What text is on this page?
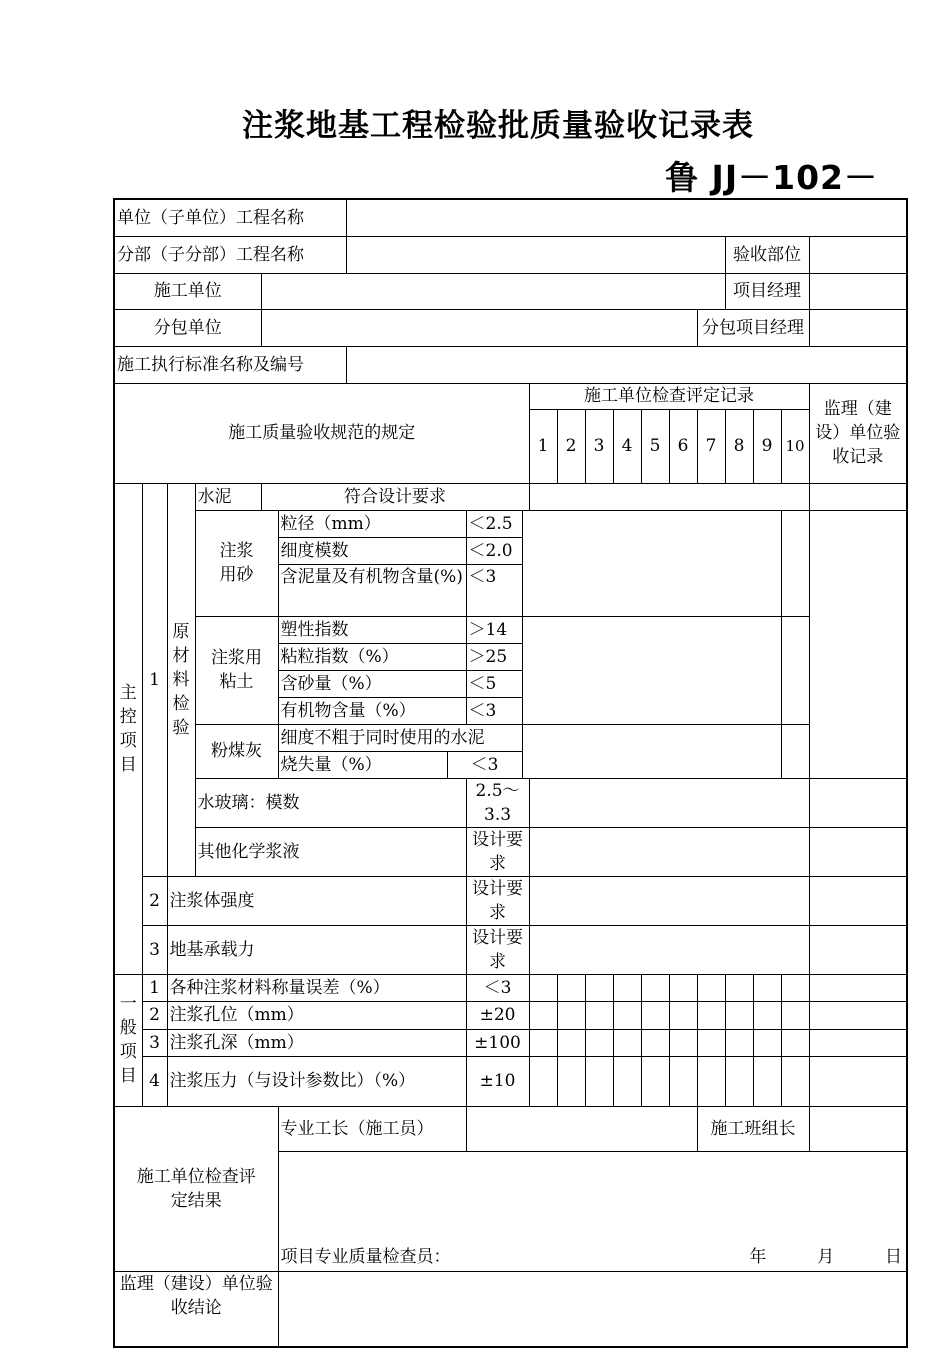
注浆地基工程检验批质量验收记录表
鲁 JJ－102－
单位（子单位）工程名称																				
分部（子分部）工程名称																	验收部位			
施工单位																	项目经理			
分包单位																分包项目经理				
施工执行标准名称及编号																				
施工质量验收规范的规定										施工单位检查评定记录										监理（建设）单位验收记录
										1	2	3	4	5	6	7	8	9	10	
主控项目	1	原材料检验	水泥	符合设计要求																
			注浆用砂		粒径（mm）			＜2.5												
					细度模数			＜2.0												
					含泥量及有机物含量(%)			＜3												
			注浆用粘土		塑性指数			＞14												
					粘粒指数（%）			＞25												
					含砂量（%）			＜5												
					有机物含量（%）			＜3												
			粉煤灰		细度不粗于同时使用的水泥															
					烧失量（%）		＜3													
			水玻璃：模数					2.5～3.3												
			其他化学浆液					设计要求												
	2	注浆体强度						设计要求												
	3	地基承载力						设计要求												
一般项目	1	各种注浆材料称量误差（%）						＜3												
	2	注浆孔位（mm）						±20												
	3	注浆孔深（mm）						±100												
	4	注浆压力（与设计参数比）（%）						±10												
施工单位检查评定结果					专业工长（施工员）											施工班组长				

					项目专业质量检查员： 年 月 日															

监理（建设）单位验收结论																				
